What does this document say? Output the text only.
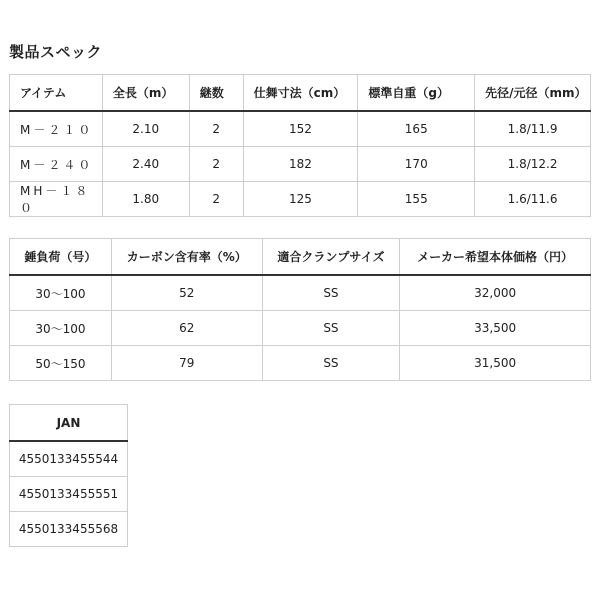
製品スペック
アイテム	全長（m）	継数	仕舞寸法（cm）	標準自重（g）	先径/元径（mm）
M－２１０	2.10	2	152	165	1.8/11.9
M－２４０	2.40	2	182	170	1.8/12.2
MH－１８０	1.80	2	125	155	1.6/11.6
錘負荷（号）	カーボン含有率（%）	適合クランプサイズ	メーカー希望本体価格（円）
30〜100	52	SS	32,000
30〜100	62	SS	33,500
50〜150	79	SS	31,500
JAN
4550133455544
4550133455551
4550133455568
